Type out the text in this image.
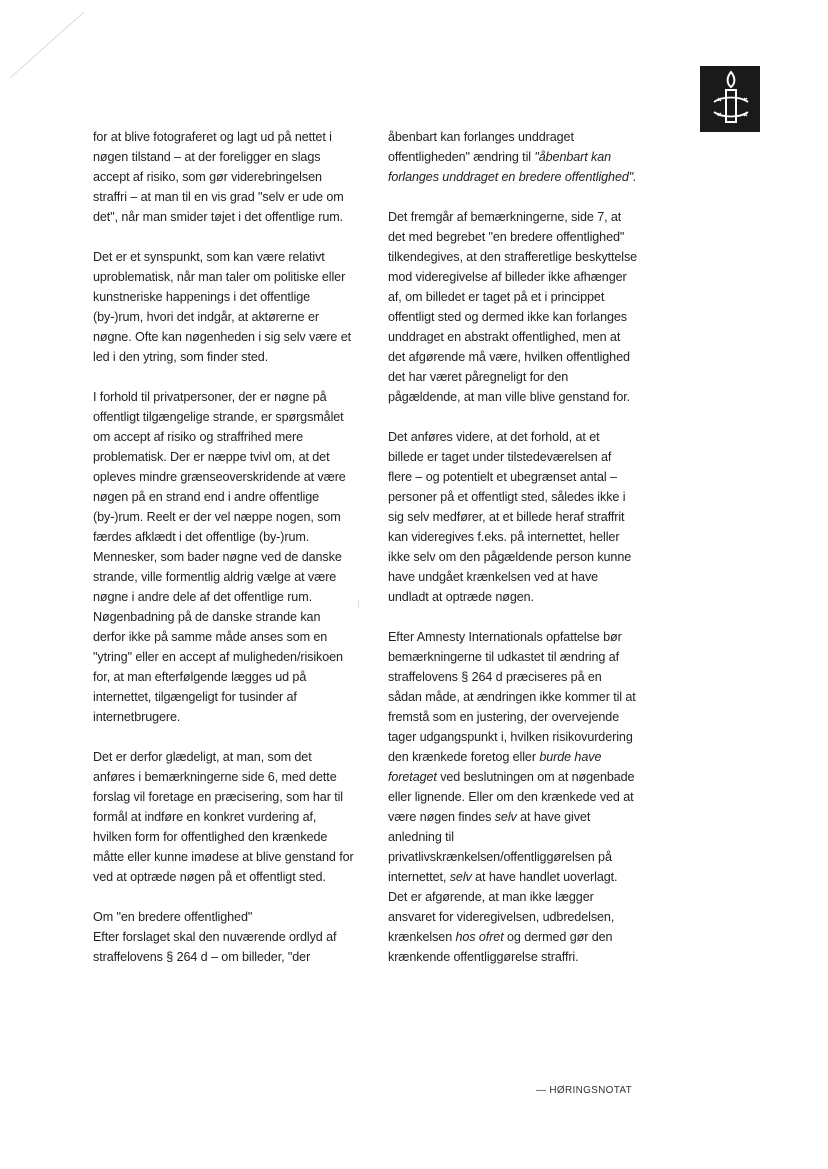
for at blive fotograferet og lagt ud på nettet i nøgen tilstand – at der foreligger en slags accept af risiko, som gør viderebringelsen straffri – at man til en vis grad "selv er ude om det", når man smider tøjet i det offentlige rum.

Det er et synspunkt, som kan være relativt uproblematisk, når man taler om politiske eller kunstneriske happenings i det offentlige (by-)rum, hvori det indgår, at aktørerne er nøgne. Ofte kan nøgenheden i sig selv være et led i den ytring, som finder sted.

I forhold til privatpersoner, der er nøgne på offentligt tilgængelige strande, er spørgsmålet om accept af risiko og straffrihed mere problematisk. Der er næppe tvivl om, at det opleves mindre grænseoverskridende at være nøgen på en strand end i andre offentlige (by-)rum. Reelt er der vel næppe nogen, som færdes afklædt i det offentlige (by-)rum. Mennesker, som bader nøgne ved de danske strande, ville formentlig aldrig vælge at være nøgne i andre dele af det offentlige rum. Nøgenbadning på de danske strande kan derfor ikke på samme måde anses som en "ytring" eller en accept af muligheden/risikoen for, at man efterfølgende lægges ud på internettet, tilgængeligt for tusinder af internetbrugere.

Det er derfor glædeligt, at man, som det anføres i bemærkningerne side 6, med dette forslag vil foretage en præcisering, som har til formål at indføre en konkret vurdering af, hvilken form for offentlighed den krænkede måtte eller kunne imødese at blive genstand for ved at optræde nøgen på et offentligt sted.

Om "en bredere offentlighed"

Efter forslaget skal den nuværende ordlyd af straffelovens § 264 d – om billeder, "der

åbenbart kan forlanges unddraget offentligheden" ændring til "åbenbart kan forlanges unddraget en bredere offentlighed".

Det fremgår af bemærkningerne, side 7, at det med begrebet "en bredere offentlighed" tilkendegives, at den strafferetlige beskyttelse mod videregivelse af billeder ikke afhænger af, om billedet er taget på et i princippet offentligt sted og dermed ikke kan forlanges unddraget en abstrakt offentlighed, men at det afgørende må være, hvilken offentlighed det har været påregneligt for den pågældende, at man ville blive genstand for.

Det anføres videre, at det forhold, at et billede er taget under tilstedeværelsen af flere – og potentielt et ubegrænset antal – personer på et offentligt sted, således ikke i sig selv medfører, at et billede heraf straffrit kan videregives f.eks. på internettet, heller ikke selv om den pågældende person kunne have undgået krænkelsen ved at have undladt at optræde nøgen.

Efter Amnesty Internationals opfattelse bør bemærkningerne til udkastet til ændring af straffelovens § 264 d præciseres på en sådan måde, at ændringen ikke kommer til at fremstå som en justering, der overvejende tager udgangspunkt i, hvilken risikovurdering den krænkede foretog eller burde have foretaget ved beslutningen om at nøgenbade eller lignende. Eller om den krænkede ved at være nøgen findes selv at have givet anledning til privatlivskrænkelsen/offentliggørelsen på internettet, selv at have handlet uoverlagt. Det er afgørende, at man ikke lægger ansvaret for videregivelsen, udbredelsen, krænkelsen hos ofret og dermed gør den krænkende offentliggørelse straffri.

— HØRINGSNOTAT
